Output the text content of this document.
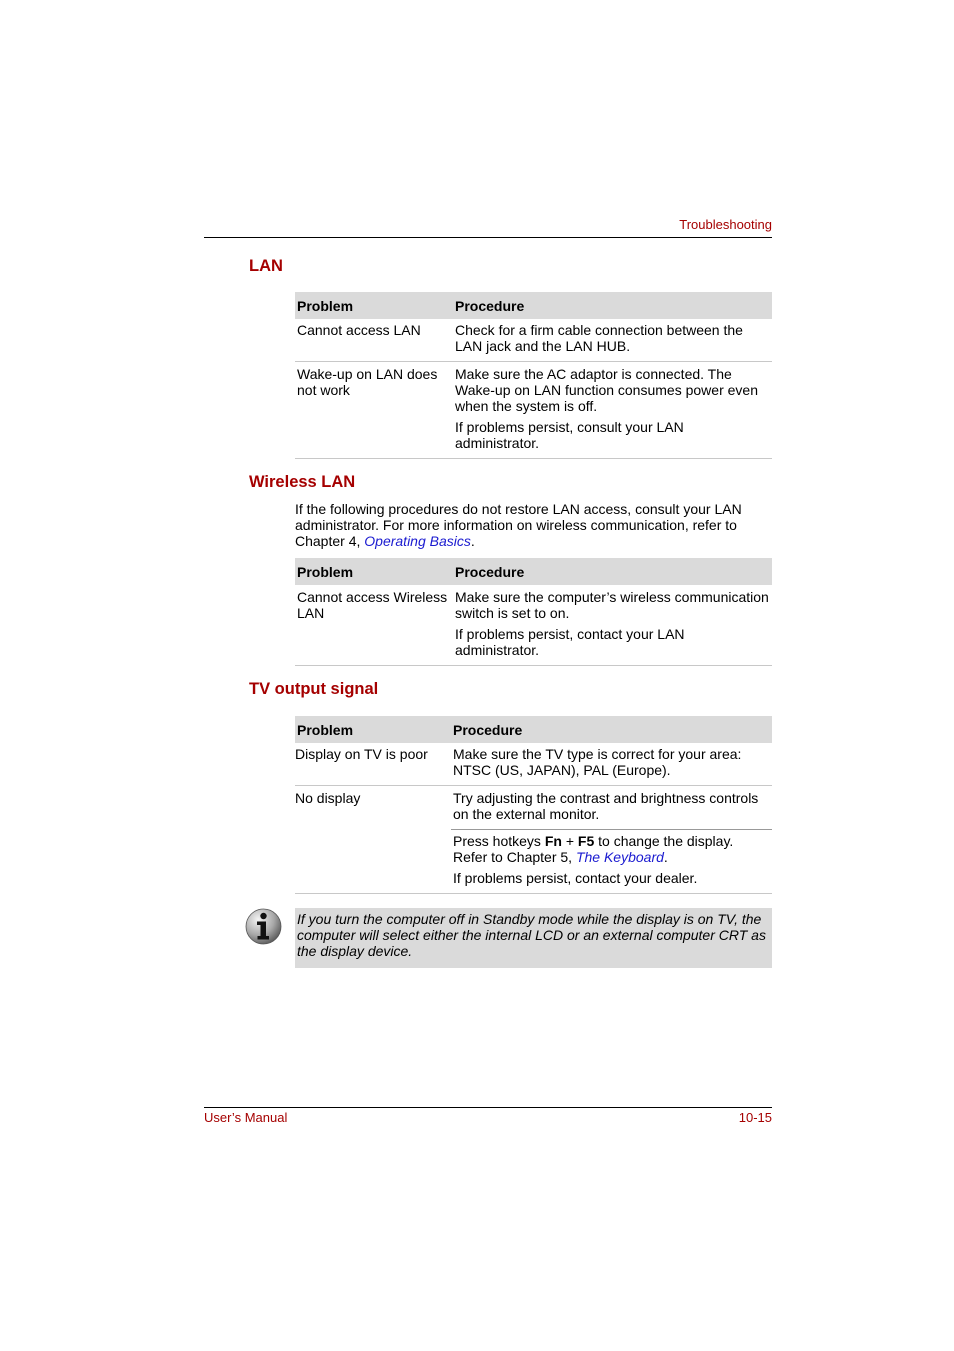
Troubleshooting
LAN
Problem	Procedure
Cannot access LAN	Check for a firm cable connection between the LAN jack and the LAN HUB.

Wake-up on LAN does not work	Make sure the AC adaptor is connected. The Wake-up on LAN function consumes power even when the system is off.

If problems persist, consult your LAN administrator.

Wireless LAN

If the following procedures do not restore LAN access, consult your LAN administrator. For more information on wireless communication, refer to Chapter 4, Operating Basics.

Problem	Procedure
Cannot access Wireless LAN	Make sure the computer’s wireless communication switch is set to on.

If problems persist, contact your LAN administrator.

TV output signal
Problem	Procedure
Display on TV is poor	Make sure the TV type is correct for your area: NTSC (US, JAPAN), PAL (Europe).

No display	Try adjusting the contrast and brightness controls on the external monitor.

Press hotkeys Fn + F5 to change the display. Refer to Chapter 5, The Keyboard.

If problems persist, contact your dealer.

If you turn the computer off in Standby mode while the display is on TV, the computer will select either the internal LCD or an external computer CRT as the display device.
User’s Manual	10-15
